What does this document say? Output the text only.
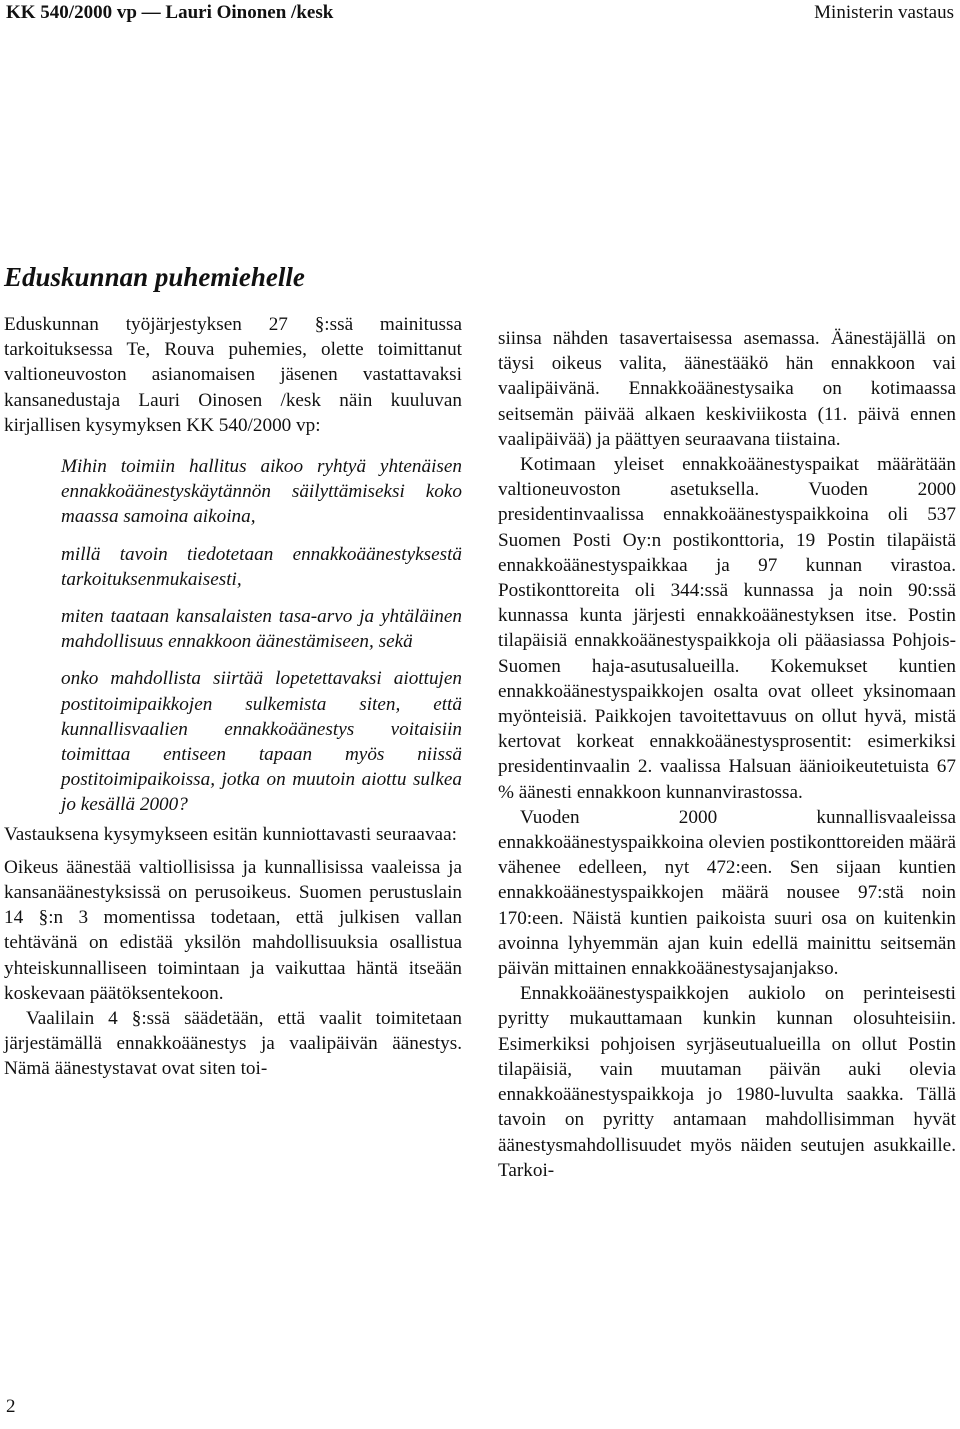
KK 540/2000 vp — Lauri Oinonen /kesk	Ministerin vastaus
Eduskunnan puhemiehelle

Eduskunnan työjärjestyksen 27 §:ssä mainitussa tarkoituksessa Te, Rouva puhemies, olette toimittanut valtioneuvoston asianomaisen jäsenen vastattavaksi kansanedustaja Lauri Oinosen /kesk näin kuuluvan kirjallisen kysymyksen KK 540/2000 vp:

Mihin toimiin hallitus aikoo ryhtyä yhtenäisen ennakkoäänestyskäytännön säilyttämiseksi koko maassa samoina aikoina,

millä tavoin tiedotetaan ennakkoäänestyksestä tarkoituksenmukaisesti,

miten taataan kansalaisten tasa-arvo ja yhtäläinen mahdollisuus ennakkoon äänestämiseen, sekä

onko mahdollista siirtää lopetettavaksi aiottujen postitoimipaikkojen sulkemista siten, että kunnallisvaalien ennakkoäänestys voitaisiin toimittaa entiseen tapaan myös niissä postitoimipaikoissa, jotka on muutoin aiottu sulkea jo kesällä 2000?

Vastauksena kysymykseen esitän kunniottavasti seuraavaa:

Oikeus äänestää valtiollisissa ja kunnallisissa vaaleissa ja kansanäänestyksissä on perusoikeus. Suomen perustuslain 14 §:n 3 momentissa todetaan, että julkisen vallan tehtävänä on edistää yksilön mahdollisuuksia osallistua yhteiskunnalliseen toimintaan ja vaikuttaa häntä itseään koskevaan päätöksentekoon.

Vaalilain 4 §:ssä säädetään, että vaalit toimitetaan järjestämällä ennakkoäänestys ja vaalipäivän äänestys. Nämä äänestystavat ovat siten toi-

siinsa nähden tasavertaisessa asemassa. Äänestäjällä on täysi oikeus valita, äänestääkö hän ennakkoon vai vaalipäivänä. Ennakkoäänestysaika on kotimaassa seitsemän päivää alkaen keskiviikosta (11. päivä ennen vaalipäivää) ja päättyen seuraavana tiistaina.

Kotimaan yleiset ennakkoäänestyspaikat määrätään valtioneuvoston asetuksella. Vuoden 2000 presidentinvaalissa ennakkoäänestyspaikkoina oli 537 Suomen Posti Oy:n postikonttoria, 19 Postin tilapäistä ennakkoäänestyspaikkaa ja 97 kunnan virastoa. Postikonttoreita oli 344:ssä kunnassa ja noin 90:ssä kunnassa kunta järjesti ennakkoäänestyksen itse. Postin tilapäisiä ennakkoäänestyspaikkoja oli pääasiassa Pohjois-Suomen haja-asutusalueilla. Kokemukset kuntien ennakkoäänestyspaikkojen osalta ovat olleet yksinomaan myönteisiä. Paikkojen tavoitettavuus on ollut hyvä, mistä kertovat korkeat ennakkoäänestysprosentit: esimerkiksi presidentinvaalin 2. vaalissa Halsuan äänioikeutetuista 67 % äänesti ennakkoon kunnanvirastossa.

Vuoden 2000 kunnallisvaaleissa ennakkoäänestyspaikkoina olevien postikonttoreiden määrä vähenee edelleen, nyt 472:een. Sen sijaan kuntien ennakkoäänestyspaikkojen määrä nousee 97:stä noin 170:een. Näistä kuntien paikoista suuri osa on kuitenkin avoinna lyhyemmän ajan kuin edellä mainittu seitsemän päivän mittainen ennakkoäänestysajanjakso.

Ennakkoäänestyspaikkojen aukiolo on perinteisesti pyritty mukauttamaan kunkin kunnan olosuhteisiin. Esimerkiksi pohjoisen syrjäseutualueilla on ollut Postin tilapäisiä, vain muutaman päivän auki olevia ennakkoäänestyspaikkoja jo 1980-luvulta saakka. Tällä tavoin on pyritty antamaan mahdollisimman hyvät äänestysmahdollisuudet myös näiden seutujen asukkaille. Tarkoi-

2
